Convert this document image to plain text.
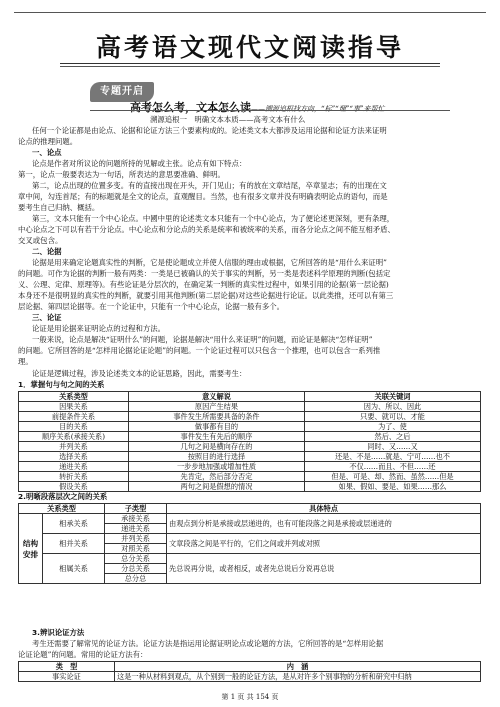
高考语文现代文阅读指导
专题开启
高考怎么考，文本怎么读——溯源追根找方向，“标”“理”“事”来帮忙
溯源追根一　明确文本本质——高考文本有什么
任何一个论证都是由论点、论据和论证方法三个要素构成的。论述类文本大都涉及运用论据和论证方法来证明
论点的推理问题。
一、论点
论点是作者对所议论的问题所持的见解或主张。论点有如下特点：
第一，论点一般要表达为一句话，所表达的意思要准确、鲜明。
第二，论点出现的位置多变。有的直接出现在开头，开门见山；有的放在文章结尾，卒章显志；有的出现在文
章中间，勾连首尾；有的标题就是全文的论点，直观醒目。当然，也有很多文章并没有明确表明论点的语句，而是
要考生自己归纳、概括。
第三，文本只能有一个中心论点。中國中里的论述类文本只能有一个中心论点，为了便论述更深刻，更有条理，
中心论点之下可以有若干分论点。中心论点和分论点的关系是统率和被统率的关系，而各分论点之间不能互相矛盾、
交叉或包含。
二、论据
论据是用来确定论题真实性的判断，它是使论题成立并使人信服的理由或根据，它所回答的是“用什么来证明”
的问题。可作为论据的判断一般有两类：一类是已被确认的关于事实的判断，另一类是表述科学原理的判断(包括定
义、公理、定律、原理等)。有些论证是分层次的，在确定某一判断的真实性过程中，如果引用的论据(第一层论据)
本身还不是很明显的真实性的判断，就要引用其他判断(第二层论据)对这些论据进行论证。以此类推，还可以有第三
层论据、第四层论据等。在一个论证中，只能有一个中心论点，论据一般有多个。
三、论证
论证是用论据来证明论点的过程和方法。
一般来说，论点是解决“证明什么”的问题，论据是解决“用什么来证明”的问题，而论证是解决“怎样证明”
的问题。它所回答的是“怎样用论据论证论题”的问题。一个论证过程可以只包含一个推理，也可以包含一系列推
理。
论证是逻辑过程，涉及论述类文本的论证思路，因此，需要考生：
1．掌握句与句之间的关系
关系类型	意义解说	关联关键词
因果关系	原因产生结果	因为、所以、因此
前提条件关系	事件发生所需要具备的条件	只要、就可以、才能
目的关系	做事都有目的	为了、使
顺序关系(承接关系)	事件发生有先后的顺序	然后、之后
并列关系	几句之间是横向存在的	同时、又……又
选择关系	按照目的进行选择	还是、不是……就是、宁可……也不
递进关系	一步步地加强或增加性质	不仅……而且、不但……还
转折关系	先肯定，然后部分否定	但是、可是、却、然而、虽然……但是
假设关系	两句之间是假想的情况	如果、假如、要是、如果……那么
2.明晰段落层次之间的关系
关系类型		子类型	具体特点
结构安排	相承关系	承接关系	由观点到分析是承接或层递进的，也有可能段落之间是承接或层递进的
		递进关系	
	相并关系	并列关系	文章段落之间是平行的，它们之间或并列或对照
		对照关系	
	相属关系	总分关系	先总说再分说，或者相反，或者先总说后分说再总说
		分总关系	
		总分总	
3.辨识论证方法
考生还需要了解常见的论证方法。论证方法是指运用论据证明论点或论题的方法，它所回答的是“怎样用论据
论证论题”的问题。常用的论证方法有：
类　型	内　涵
事实论证	这是一种从材料到观点，从个别到一般的论证方法，是从对许多个别事物的分析和研究中归纳
第 1 页 共 154 页
